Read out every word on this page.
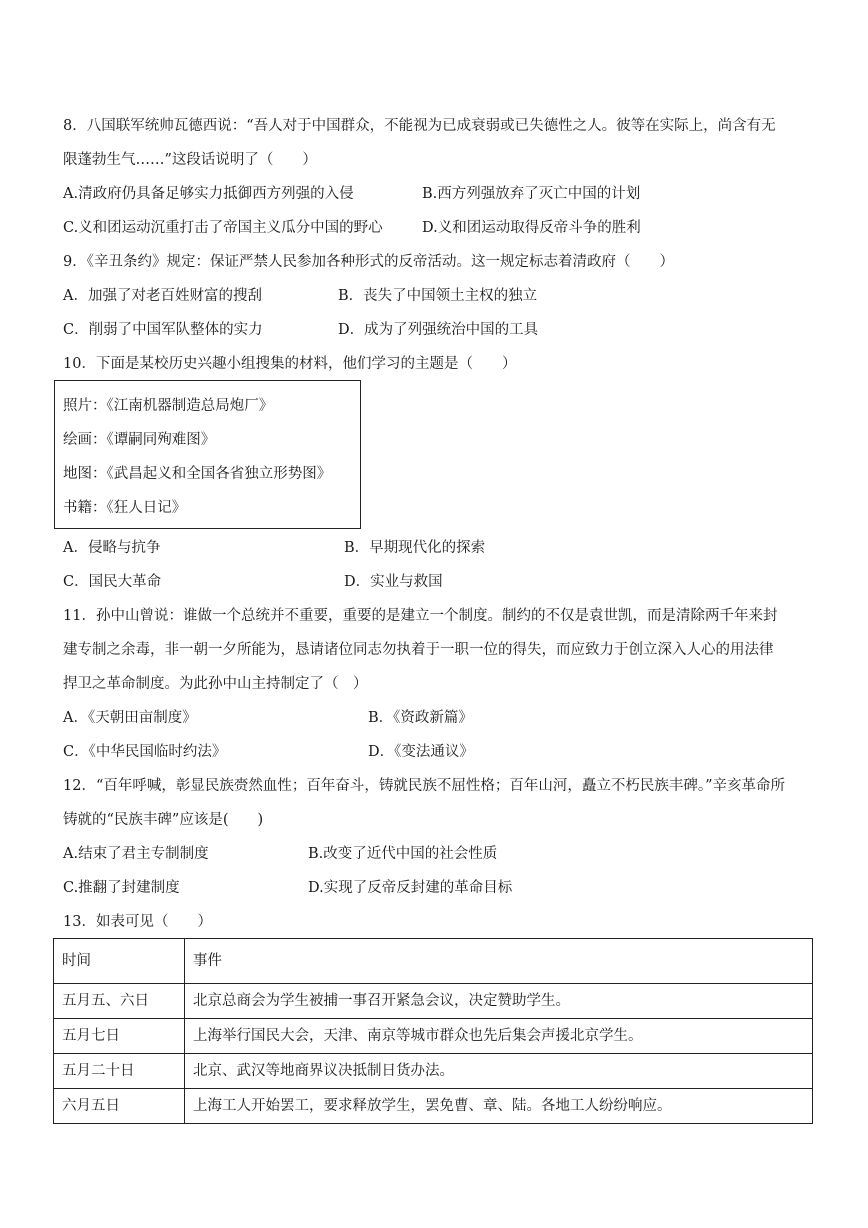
8．八国联军统帅瓦德西说：“吾人对于中国群众，不能视为已成衰弱或已失德性之人。彼等在实际上，尚含有无
限蓬勃生气……”这段话说明了（　　）
A.清政府仍具备足够实力抵御西方列强的入侵	B.西方列强放弃了灭亡中国的计划
C.义和团运动沉重打击了帝国主义瓜分中国的野心	D.义和团运动取得反帝斗争的胜利
9．《辛丑条约》规定：保证严禁人民参加各种形式的反帝活动。这一规定标志着清政府（　　）
A．加强了对老百姓财富的搜刮	B．丧失了中国领土主权的独立
C．削弱了中国军队整体的实力	D．成为了列强统治中国的工具
10．下面是某校历史兴趣小组搜集的材料，他们学习的主题是（　　）
照片：《江南机器制造总局炮厂》
绘画：《谭嗣同殉难图》
地图：《武昌起义和全国各省独立形势图》
书籍：《狂人日记》
A．侵略与抗争	B．早期现代化的探索
C．国民大革命	D．实业与救国
11．孙中山曾说：谁做一个总统并不重要，重要的是建立一个制度。制约的不仅是袁世凯，而是清除两千年来封
建专制之余毒，非一朝一夕所能为，恳请诸位同志勿执着于一职一位的得失，而应致力于创立深入人心的用法律
捍卫之革命制度。为此孙中山主持制定了（　）
A．《天朝田亩制度》	B．《资政新篇》
C．《中华民国临时约法》	D．《变法通议》
12．“百年呼喊，彰显民族赍然血性；百年奋斗，铸就民族不屈性格；百年山河，矗立不朽民族丰碑。”辛亥革命所
铸就的“民族丰碑”应该是(　　)
A.结束了君主专制制度	B.改变了近代中国的社会性质
C.推翻了封建制度	D.实现了反帝反封建的革命目标
13．如表可见（　　）
时间	事件
五月五、六日	北京总商会为学生被捕一事召开紧急会议，决定赞助学生。
五月七日	上海举行国民大会，天津、南京等城市群众也先后集会声援北京学生。
五月二十日	北京、武汉等地商界议决抵制日货办法。
六月五日	上海工人开始罢工，要求释放学生，罢免曹、章、陆。各地工人纷纷响应。
